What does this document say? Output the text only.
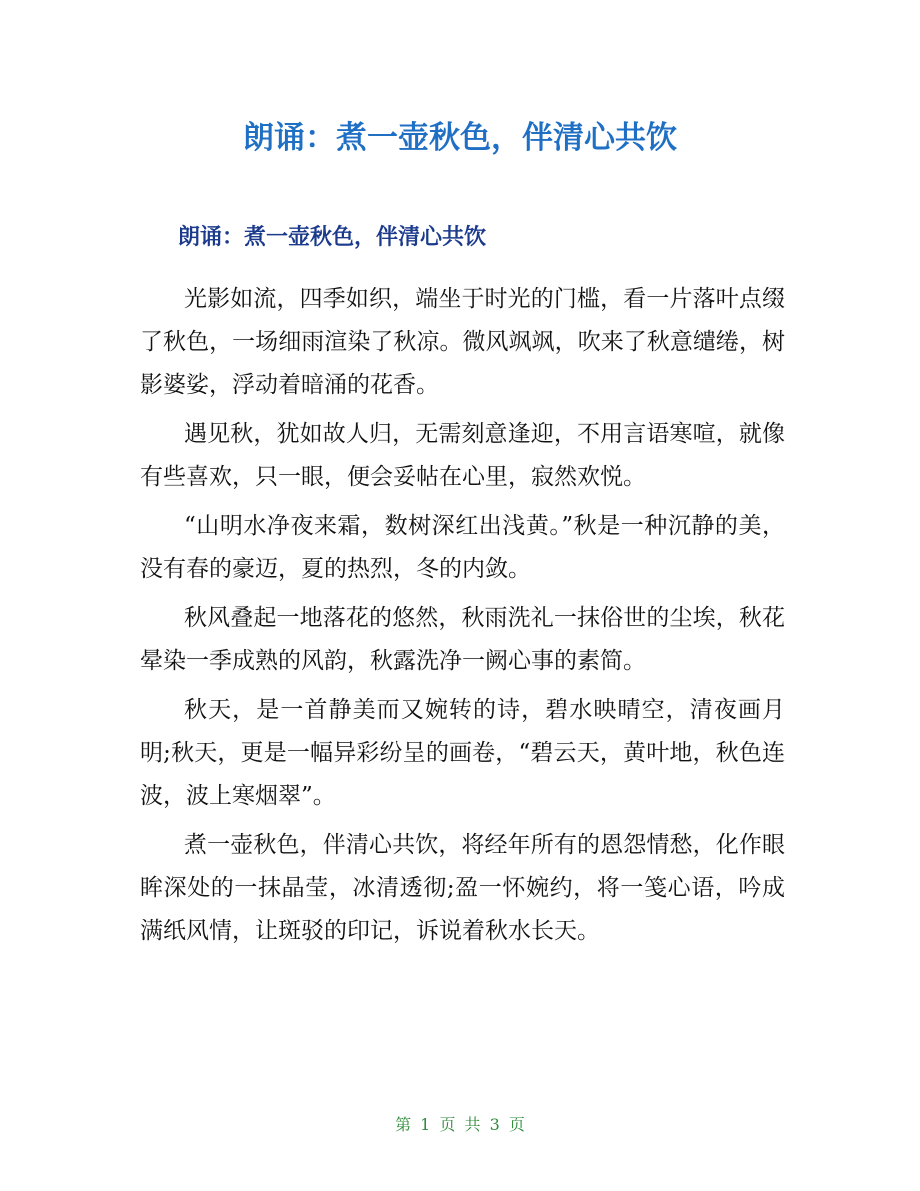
朗诵：煮一壶秋色，伴清心共饮
朗诵：煮一壶秋色，伴清心共饮

光影如流，四季如织，端坐于时光的门槛，看一片落叶点缀了秋色，一场细雨渲染了秋凉。微风飒飒，吹来了秋意缱绻，树影婆娑，浮动着暗涌的花香。

遇见秋，犹如故人归，无需刻意逢迎，不用言语寒喧，就像有些喜欢，只一眼，便会妥帖在心里，寂然欢悦。

“山明水净夜来霜，数树深红出浅黄。”秋是一种沉静的美，没有春的豪迈，夏的热烈，冬的内敛。

秋风叠起一地落花的悠然，秋雨洗礼一抹俗世的尘埃，秋花晕染一季成熟的风韵，秋露洗净一阙心事的素简。

秋天，是一首静美而又婉转的诗，碧水映晴空，清夜画月明;秋天，更是一幅异彩纷呈的画卷，“碧云天，黄叶地，秋色连波，波上寒烟翠”。

煮一壶秋色，伴清心共饮，将经年所有的恩怨情愁，化作眼眸深处的一抹晶莹，冰清透彻;盈一怀婉约，将一笺心语，吟成满纸风情，让斑驳的印记，诉说着秋水长天。

第 1 页 共 3 页
